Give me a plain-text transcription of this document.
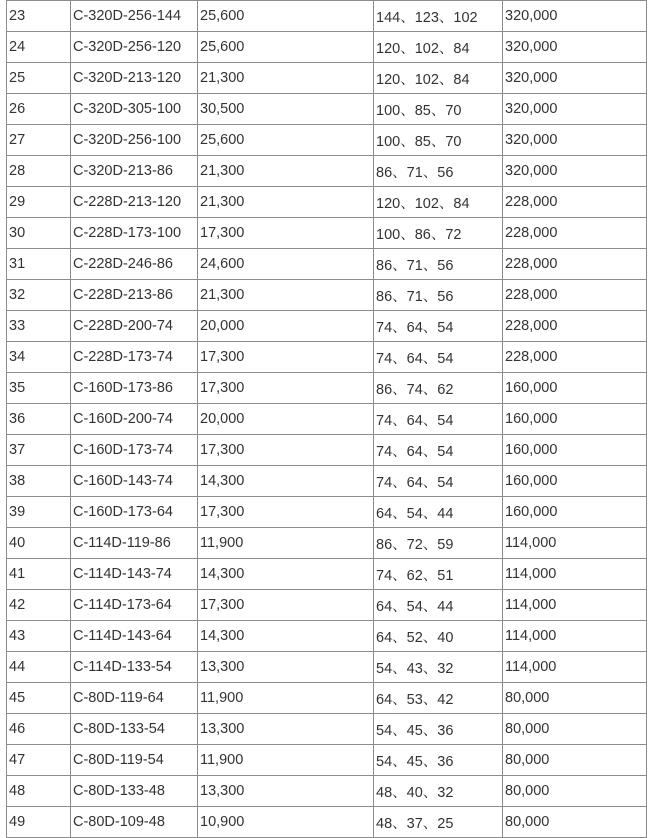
23	C-320D-256-144	25,600	144、123、102	320,000
24	C-320D-256-120	25,600	120、102、84	320,000
25	C-320D-213-120	21,300	120、102、84	320,000
26	C-320D-305-100	30,500	100、85、70	320,000
27	C-320D-256-100	25,600	100、85、70	320,000
28	C-320D-213-86	21,300	86、71、56	320,000
29	C-228D-213-120	21,300	120、102、84	228,000
30	C-228D-173-100	17,300	100、86、72	228,000
31	C-228D-246-86	24,600	86、71、56	228,000
32	C-228D-213-86	21,300	86、71、56	228,000
33	C-228D-200-74	20,000	74、64、54	228,000
34	C-228D-173-74	17,300	74、64、54	228,000
35	C-160D-173-86	17,300	86、74、62	160,000
36	C-160D-200-74	20,000	74、64、54	160,000
37	C-160D-173-74	17,300	74、64、54	160,000
38	C-160D-143-74	14,300	74、64、54	160,000
39	C-160D-173-64	17,300	64、54、44	160,000
40	C-114D-119-86	11,900	86、72、59	114,000
41	C-114D-143-74	14,300	74、62、51	114,000
42	C-114D-173-64	17,300	64、54、44	114,000
43	C-114D-143-64	14,300	64、52、40	114,000
44	C-114D-133-54	13,300	54、43、32	114,000
45	C-80D-119-64	11,900	64、53、42	80,000
46	C-80D-133-54	13,300	54、45、36	80,000
47	C-80D-119-54	11,900	54、45、36	80,000
48	C-80D-133-48	13,300	48、40、32	80,000
49	C-80D-109-48	10,900	48、37、25	80,000
